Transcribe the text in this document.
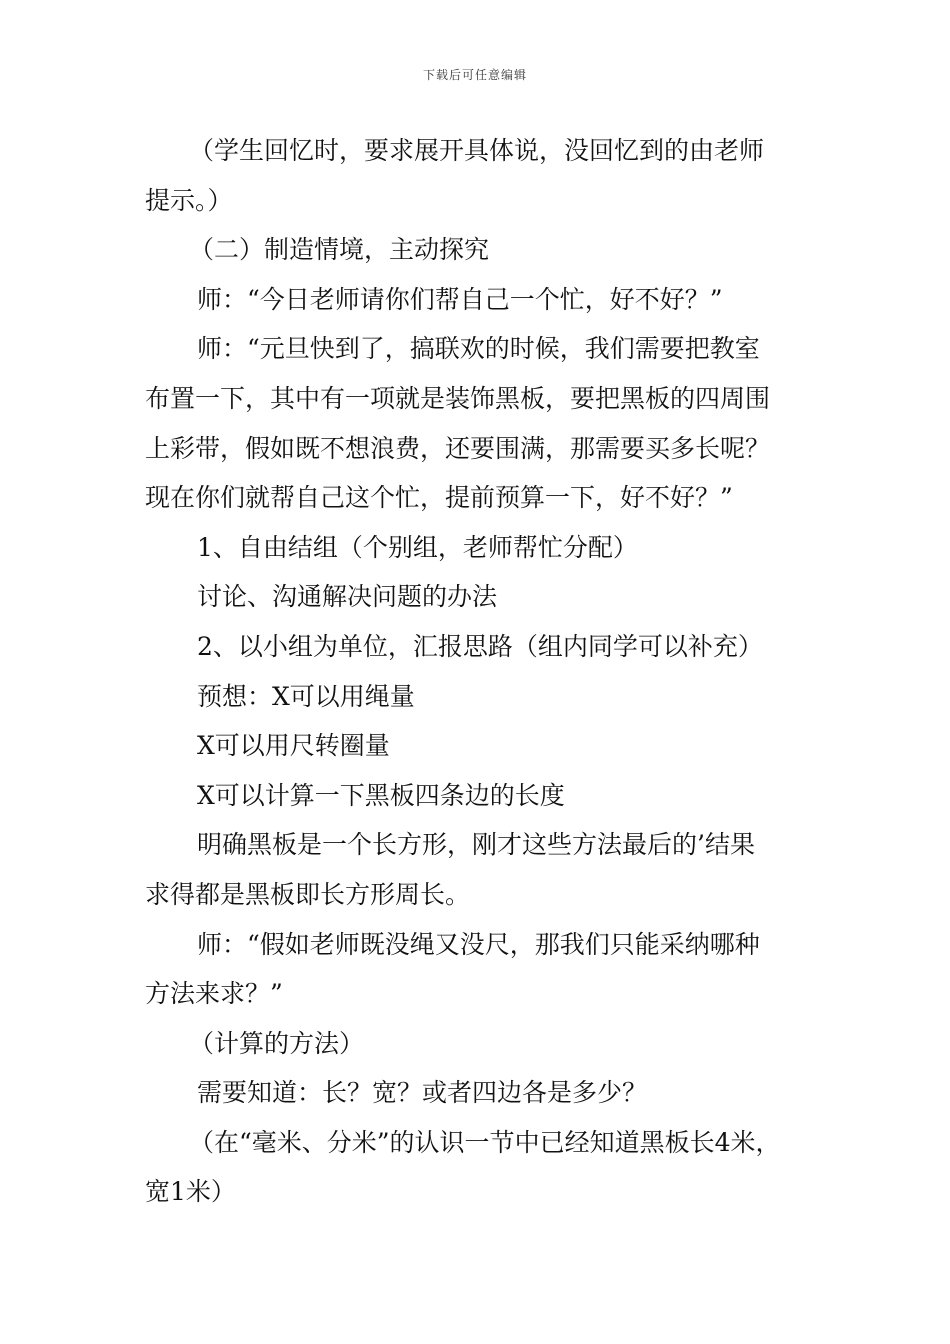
下载后可任意编辑

（学生回忆时，要求展开具体说，没回忆到的由老师

提示。）

（二）制造情境，主动探究

师：“今日老师请你们帮自己一个忙，好不好？”

师：“元旦快到了，搞联欢的时候，我们需要把教室

布置一下，其中有一项就是装饰黑板，要把黑板的四周围

上彩带，假如既不想浪费，还要围满，那需要买多长呢？

现在你们就帮自己这个忙，提前预算一下，好不好？”

1、自由结组（个别组，老师帮忙分配）

讨论、沟通解决问题的办法

2、以小组为单位，汇报思路（组内同学可以补充）

预想：X可以用绳量

X可以用尺转圈量

X可以计算一下黑板四条边的长度

明确黑板是一个长方形，刚才这些方法最后的’结果

求得都是黑板即长方形周长。

师：“假如老师既没绳又没尺，那我们只能采纳哪种

方法来求？”

（计算的方法）

需要知道：长？宽？或者四边各是多少？

（在“毫米、分米”的认识一节中已经知道黑板长4米，

宽1米）
